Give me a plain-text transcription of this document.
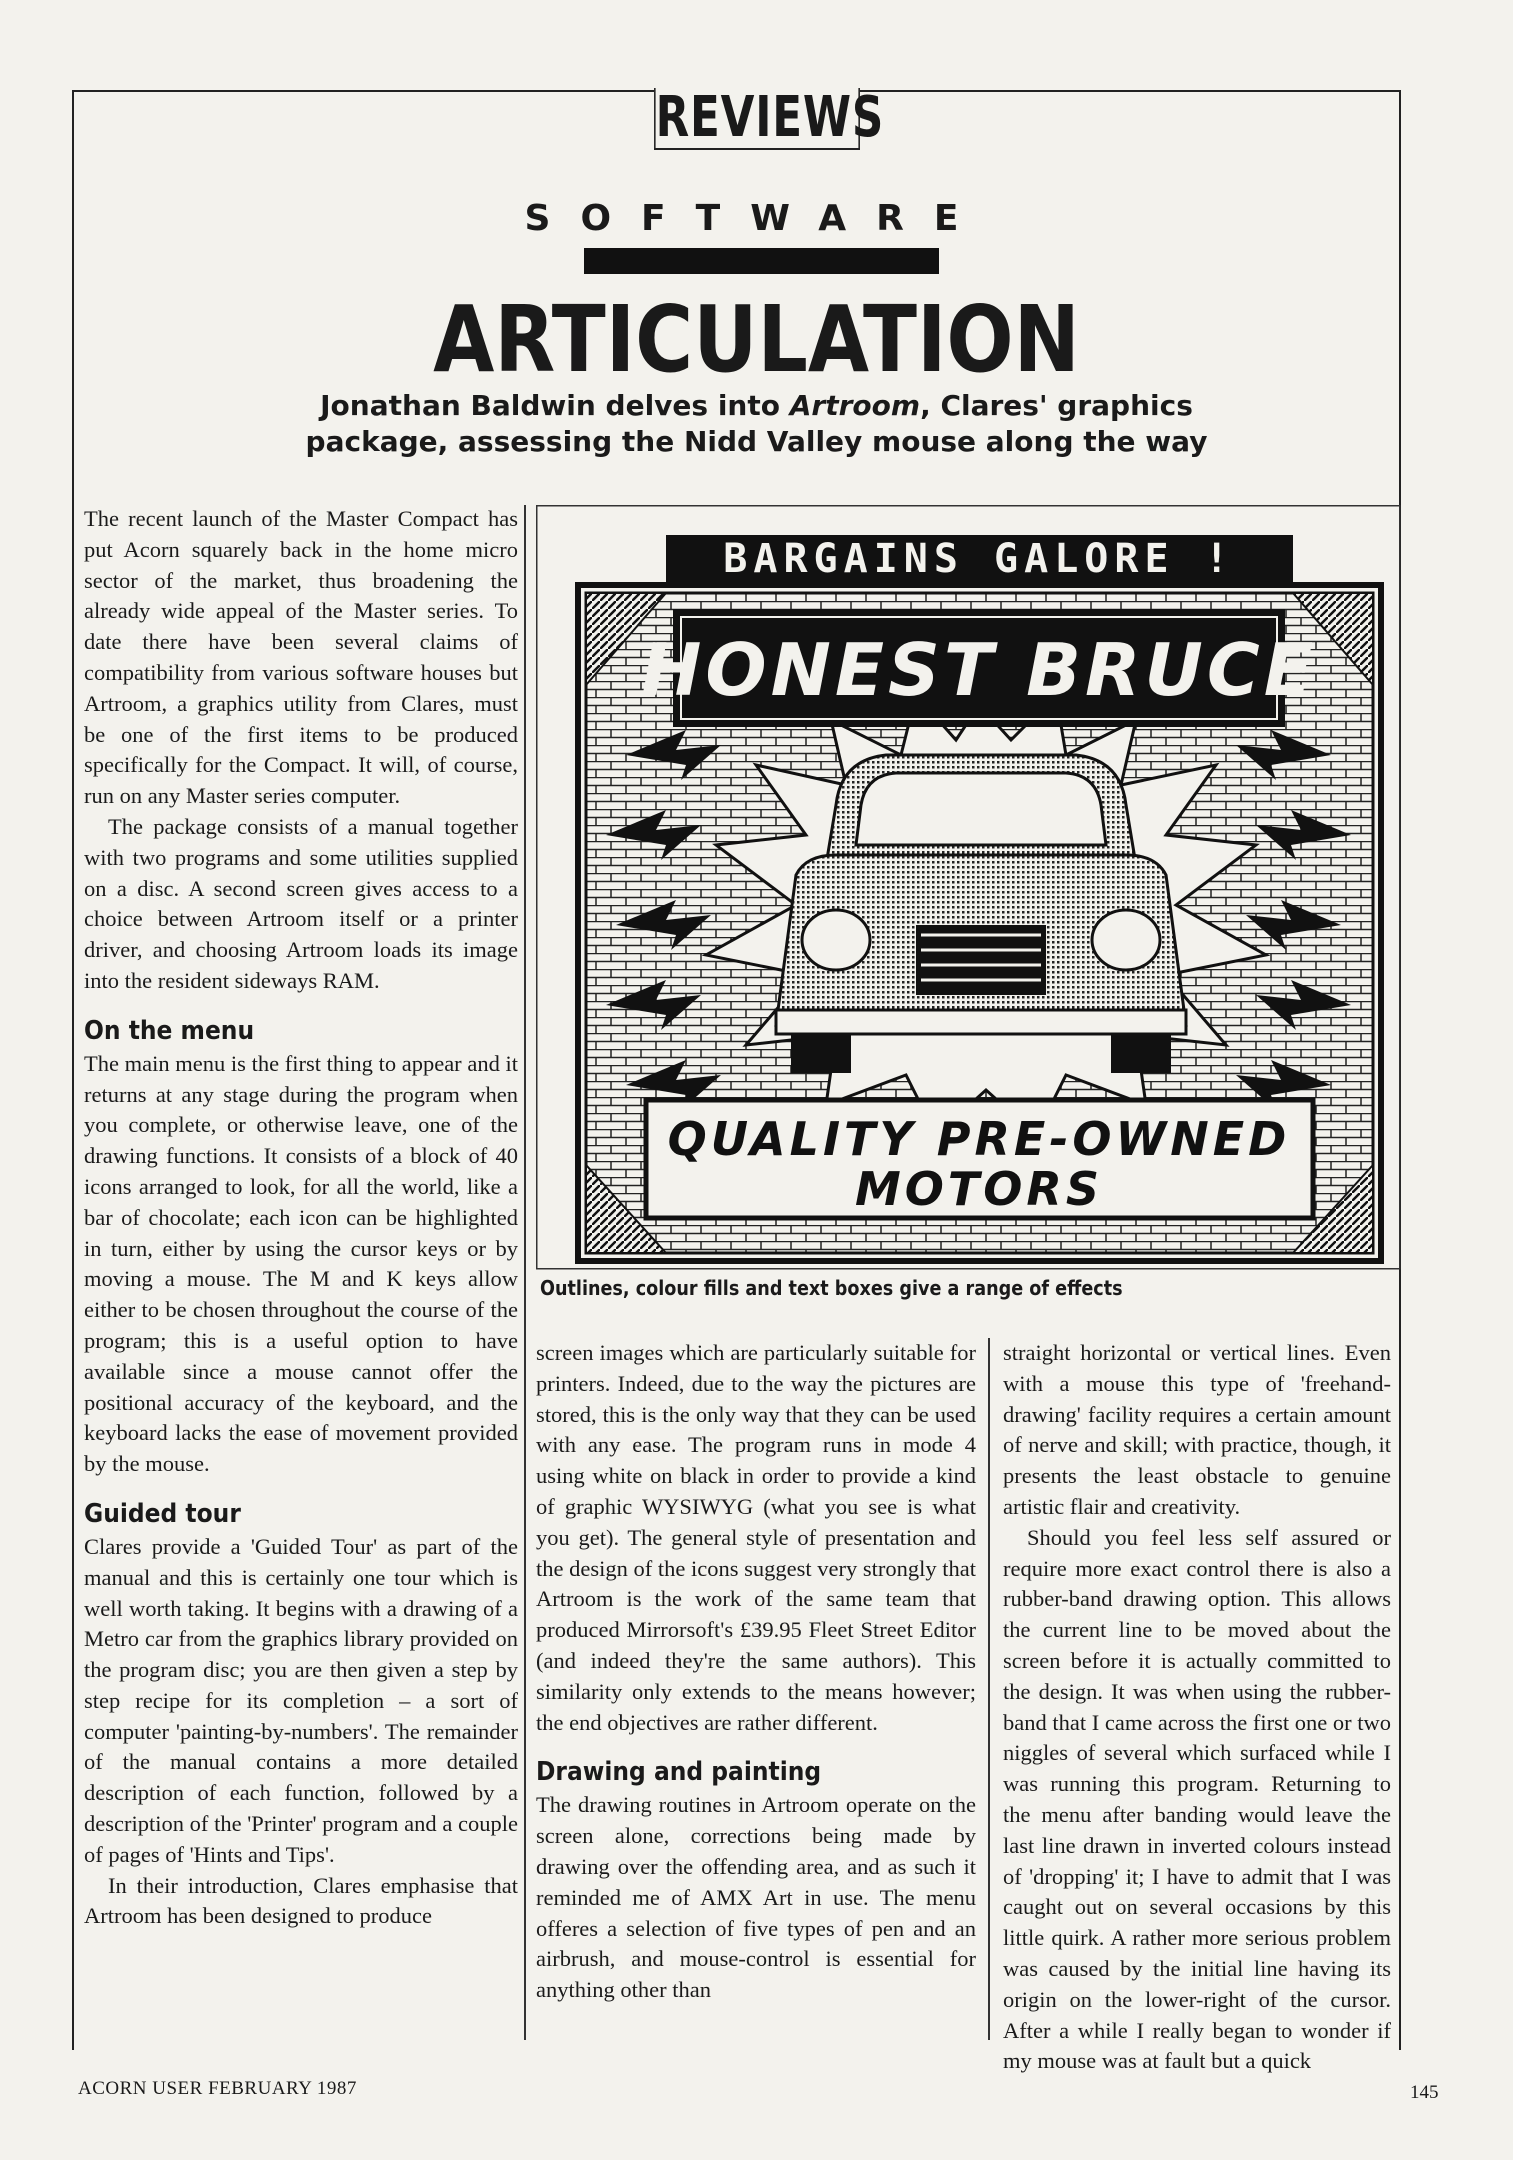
REVIEWS
SOFTWARE
ARTICULATION
Jonathan Baldwin delves into Artroom, Clares' graphics package, assessing the Nidd Valley mouse along the way

The recent launch of the Master Compact has put Acorn squarely back in the home micro sector of the market, thus broadening the already wide appeal of the Master series. To date there have been several claims of compatibility from various software houses but Artroom, a graphics utility from Clares, must be one of the first items to be produced specifically for the Compact. It will, of course, run on any Master series computer.

The package consists of a manual together with two programs and some utilities supplied on a disc. A second screen gives access to a choice between Artroom itself or a printer driver, and choosing Artroom loads its image into the resident sideways RAM.

On the menu

The main menu is the first thing to appear and it returns at any stage during the program when you complete, or otherwise leave, one of the drawing functions. It consists of a block of 40 icons arranged to look, for all the world, like a bar of chocolate; each icon can be highlighted in turn, either by using the cursor keys or by moving a mouse. The M and K keys allow either to be chosen throughout the course of the program; this is a useful option to have available since a mouse cannot offer the positional accuracy of the keyboard, and the keyboard lacks the ease of movement provided by the mouse.

Guided tour

Clares provide a 'Guided Tour' as part of the manual and this is certainly one tour which is well worth taking. It begins with a drawing of a Metro car from the graphics library provided on the program disc; you are then given a step by step recipe for its completion – a sort of computer 'painting-by-numbers'. The remainder of the manual contains a more detailed description of each function, followed by a description of the 'Printer' program and a couple of pages of 'Hints and Tips'.

In their introduction, Clares emphasise that Artroom has been designed to produce

BARGAINS GALORE !
HONEST BRUCE
QUALITY PRE-OWNED
MOTORS
Outlines, colour fills and text boxes give a range of effects

screen images which are particularly suitable for printers. Indeed, due to the way the pictures are stored, this is the only way that they can be used with any ease. The program runs in mode 4 using white on black in order to provide a kind of graphic WYSIWYG (what you see is what you get). The general style of presentation and the design of the icons suggest very strongly that Artroom is the work of the same team that produced Mirrorsoft's £39.95 Fleet Street Editor (and indeed they're the same authors). This similarity only extends to the means however; the end objectives are rather different.

Drawing and painting

The drawing routines in Artroom operate on the screen alone, corrections being made by drawing over the offending area, and as such it reminded me of AMX Art in use. The menu offeres a selection of five types of pen and an airbrush, and mouse-control is essential for anything other than

straight horizontal or vertical lines. Even with a mouse this type of 'freehand-drawing' facility requires a certain amount of nerve and skill; with practice, though, it presents the least obstacle to genuine artistic flair and creativity.

Should you feel less self assured or require more exact control there is also a rubber-band drawing option. This allows the current line to be moved about the screen before it is actually committed to the design. It was when using the rubber-band that I came across the first one or two niggles of several which surfaced while I was running this program. Returning to the menu after banding would leave the last line drawn in inverted colours instead of 'dropping' it; I have to admit that I was caught out on several occasions by this little quirk. A rather more serious problem was caused by the initial line having its origin on the lower-right of the cursor. After a while I really began to wonder if my mouse was at fault but a quick

ACORN USER FEBRUARY 1987	145
